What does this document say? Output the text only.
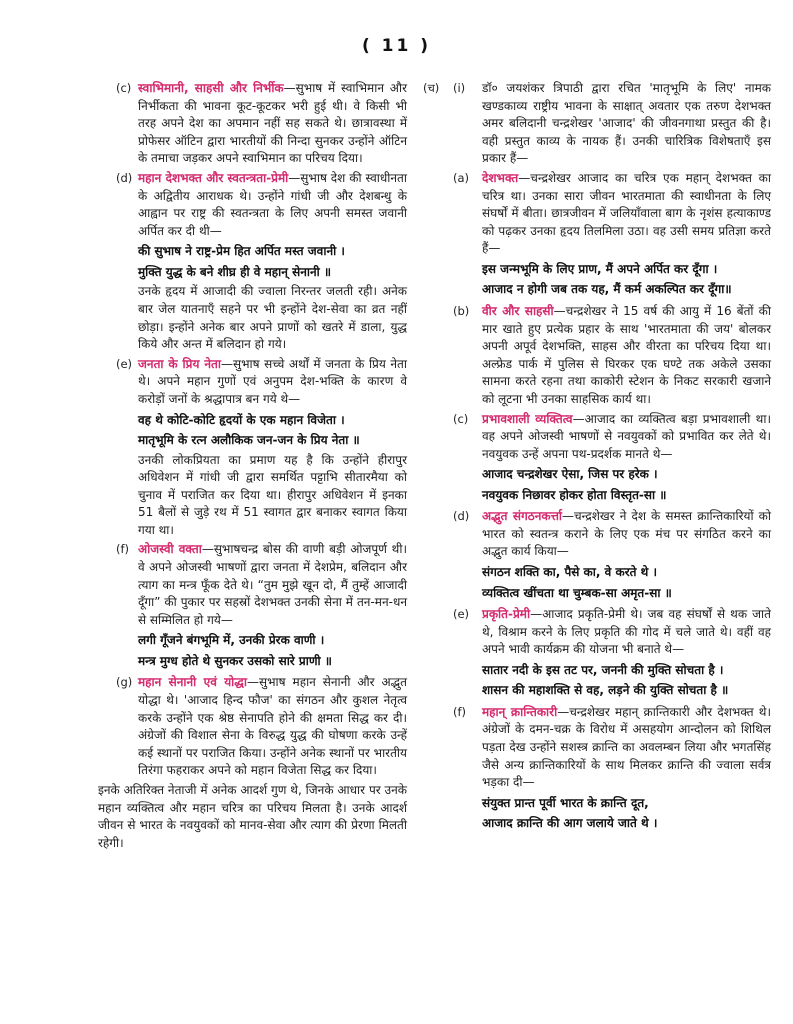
( 11 )
(c) स्वाभिमानी, साहसी और निर्भीक—सुभाष में स्वाभिमान और निर्भीकता की भावना कूट-कूटकर भरी हुई थी। वे किसी भी तरह अपने देश का अपमान नहीं सह सकते थे। छात्रावस्था में प्रोफेसर ऑटिन द्वारा भारतीयों की निन्दा सुनकर उन्होंने ऑटिन के तमाचा जड़कर अपने स्वाभिमान का परिचय दिया।

(d) महान देशभक्त और स्वतन्त्रता-प्रेमी—सुभाष देश की स्वाधीनता के अद्वितीय आराधक थे। उन्होंने गांधी जी और देशबन्धु के आह्वान पर राष्ट्र की स्वतन्त्रता के लिए अपनी समस्त जवानी अर्पित कर दी थी—

की सुभाष ने राष्ट्र-प्रेम हित अर्पित मस्त जवानी ।

मुक्ति युद्ध के बने शीघ्र ही वे महान् सेनानी ॥

उनके हृदय में आजादी की ज्वाला निरन्तर जलती रही। अनेक बार जेल यातनाएँ सहने पर भी इन्होंने देश-सेवा का व्रत नहीं छोड़ा। इन्होंने अनेक बार अपने प्राणों को खतरे में डाला, युद्ध किये और अन्त में बलिदान हो गये।

(e) जनता के प्रिय नेता—सुभाष सच्चे अर्थों में जनता के प्रिय नेता थे। अपने महान गुणों एवं अनुपम देश-भक्ति के कारण वे करोड़ों जनों के श्रद्धापात्र बन गये थे—

वह थे कोटि-कोटि हृदयों के एक महान विजेता ।

मातृभूमि के रत्न अलौकिक जन-जन के प्रिय नेता ॥

उनकी लोकप्रियता का प्रमाण यह है कि उन्होंने हीरापुर अधिवेशन में गांधी जी द्वारा समर्थित पट्टाभि सीतारमैया को चुनाव में पराजित कर दिया था। हीरापुर अधिवेशन में इनका 51 बैलों से जुड़े रथ में 51 स्वागत द्वार बनाकर स्वागत किया गया था।

(f) ओजस्वी वक्ता—सुभाषचन्द्र बोस की वाणी बड़ी ओजपूर्ण थी। वे अपने ओजस्वी भाषणों द्वारा जनता में देशप्रेम, बलिदान और त्याग का मन्त्र फूँक देते थे। “तुम मुझे खून दो, मैं तुम्हें आजादी दूँगा” की पुकार पर सहस्रों देशभक्त उनकी सेना में तन-मन-धन से सम्मिलित हो गये—

लगी गूँजने बंगभूमि में, उनकी प्रेरक वाणी ।

मन्त्र मुग्ध होते थे सुनकर उसको सारे प्राणी ॥

(g) महान सेनानी एवं योद्धा—सुभाष महान सेनानी और अद्भुत योद्धा थे। 'आजाद हिन्द फौज' का संगठन और कुशल नेतृत्व करके उन्होंने एक श्रेष्ठ सेनापति होने की क्षमता सिद्ध कर दी। अंग्रेजों की विशाल सेना के विरुद्ध युद्ध की घोषणा करके उन्हें कई स्थानों पर पराजित किया। उन्होंने अनेक स्थानों पर भारतीय तिरंगा फहराकर अपने को महान विजेता सिद्ध कर दिया।

इनके अतिरिक्त नेताजी में अनेक आदर्श गुण थे, जिनके आधार पर उनके महान व्यक्तित्व और महान चरित्र का परिचय मिलता है। उनके आदर्श जीवन से भारत के नवयुवकों को मानव-सेवा और त्याग की प्रेरणा मिलती रहेगी।

(च)	(i)	डॉ० जयशंकर त्रिपाठी द्वारा रचित 'मातृभूमि के लिए' नामक खण्डकाव्य राष्ट्रीय भावना के साक्षात् अवतार एक तरुण देशभक्त अमर बलिदानी चन्द्रशेखर 'आजाद' की जीवनगाथा प्रस्तुत की है। वही प्रस्तुत काव्य के नायक हैं। उनकी चारित्रिक विशेषताएँ इस प्रकार हैं—

(a)	देशभक्त—चन्द्रशेखर आजाद का चरित्र एक महान् देशभक्त का चरित्र था। उनका सारा जीवन भारतमाता की स्वाधीनता के लिए संघर्षों में बीता। छात्रजीवन में जलियाँवाला बाग के नृशंस हत्याकाण्ड को पढ़कर उनका हृदय तिलमिला उठा। वह उसी समय प्रतिज्ञा करते हैं—

इस जन्मभूमि के लिए प्राण, मैं अपने अर्पित कर दूँगा ।

आजाद न होगी जब तक यह, मैं कर्म अकल्पित कर दूँगा॥

(b)	वीर और साहसी—चन्द्रशेखर ने 15 वर्ष की आयु में 16 बेंतों की मार खाते हुए प्रत्येक प्रहार के साथ 'भारतमाता की जय' बोलकर अपनी अपूर्व देशभक्ति, साहस और वीरता का परिचय दिया था। अल्फ्रेड पार्क में पुलिस से घिरकर एक घण्टे तक अकेले उसका सामना करते रहना तथा काकोरी स्टेशन के निकट सरकारी खजाने को लूटना भी उनका साहसिक कार्य था।

(c)	प्रभावशाली व्यक्तित्व—आजाद का व्यक्तित्व बड़ा प्रभावशाली था। वह अपने ओजस्वी भाषणों से नवयुवकों को प्रभावित कर लेते थे। नवयुवक उन्हें अपना पथ-प्रदर्शक मानते थे—

आजाद चन्द्रशेखर ऐसा, जिस पर हरेक ।

नवयुवक निछावर होकर होता विस्तृत-सा ॥

(d)	अद्भुत संगठनकर्त्ता—चन्द्रशेखर ने देश के समस्त क्रान्तिकारियों को भारत को स्वतन्त्र कराने के लिए एक मंच पर संगठित करने का अद्भुत कार्य किया—

संगठन शक्ति का, पैसे का, वे करते थे ।

व्यक्तित्व खींचता था चुम्बक-सा अमृत-सा ॥

(e)	प्रकृति-प्रेमी—आजाद प्रकृति-प्रेमी थे। जब वह संघर्षों से थक जाते थे, विश्राम करने के लिए प्रकृति की गोद में चले जाते थे। वहीं वह अपने भावी कार्यक्रम की योजना भी बनाते थे—

सातार नदी के इस तट पर, जननी की मुक्ति सोचता है ।

शासन की महाशक्ति से वह, लड़ने की युक्ति सोचता है ॥

(f)	महान् क्रान्तिकारी—चन्द्रशेखर महान् क्रान्तिकारी और देशभक्त थे। अंग्रेजों के दमन-चक्र के विरोध में असहयोग आन्दोलन को शिथिल पड़ता देख उन्होंने सशस्त्र क्रान्ति का अवलम्बन लिया और भगतसिंह जैसे अन्य क्रान्तिकारियों के साथ मिलकर क्रान्ति की ज्वाला सर्वत्र भड़का दी—

संयुक्त प्रान्त पूर्वी भारत के क्रान्ति दूत,

आजाद क्रान्ति की आग जलाये जाते थे ।
